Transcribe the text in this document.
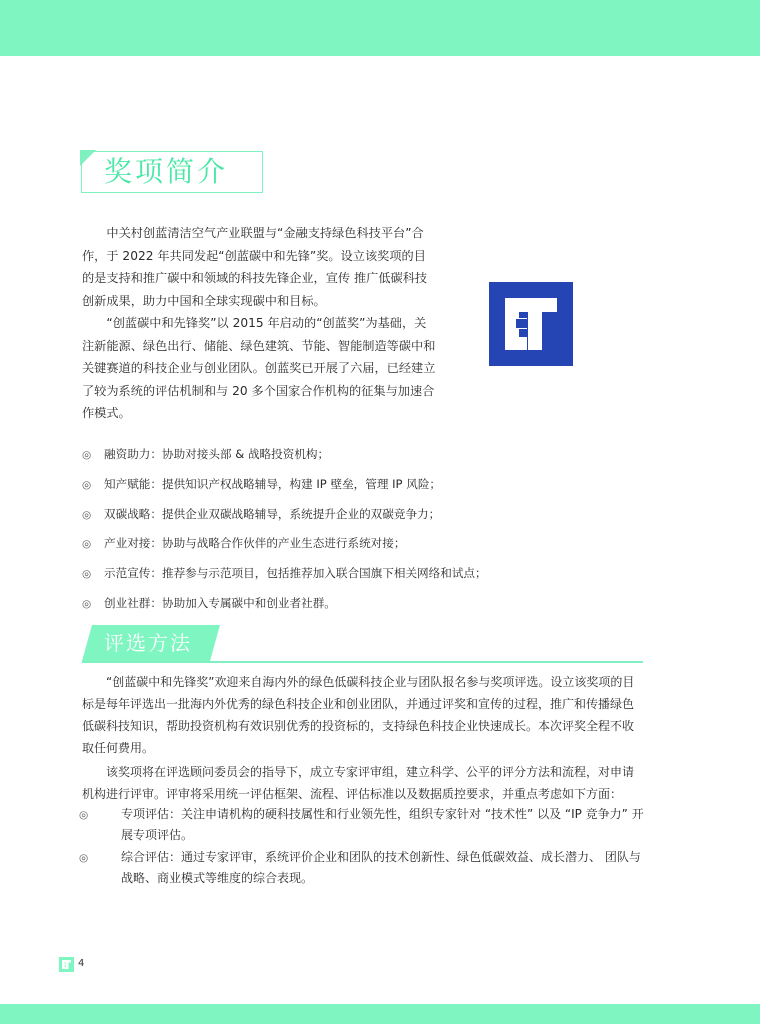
奖项简介

中关村创蓝清洁空气产业联盟与“金融支持绿色科技平台”合作，于 2022 年共同发起“创蓝碳中和先锋”奖。设立该奖项的目的是支持和推广碳中和领域的科技先锋企业，宣传 推广低碳科技创新成果，助力中国和全球实现碳中和目标。

“创蓝碳中和先锋奖”以 2015 年启动的“创蓝奖”为基础，关注新能源、绿色出行、储能、绿色建筑、节能、智能制造等碳中和关键赛道的科技企业与创业团队。创蓝奖已开展了六届，已经建立了较为系统的评估机制和与 20 多个国家合作机构的征集与加速合作模式。

◎ 融资助力：协助对接头部 & 战略投资机构；
◎ 知产赋能：提供知识产权战略辅导，构建 IP 壁垒，管理 IP 风险；
◎ 双碳战略：提供企业双碳战略辅导，系统提升企业的双碳竞争力；
◎ 产业对接：协助与战略合作伙伴的产业生态进行系统对接；
◎ 示范宣传：推荐参与示范项目，包括推荐加入联合国旗下相关网络和试点；
◎ 创业社群：协助加入专属碳中和创业者社群。
评选方法

“创蓝碳中和先锋奖”欢迎来自海内外的绿色低碳科技企业与团队报名参与奖项评选。设立该奖项的目标是每年评选出一批海内外优秀的绿色科技企业和创业团队，并通过评奖和宣传的过程，推广和传播绿色低碳科技知识，帮助投资机构有效识别优秀的投资标的，支持绿色科技企业快速成长。本次评奖全程不收取任何费用。

该奖项将在评选顾问委员会的指导下，成立专家评审组，建立科学、公平的评分方法和流程，对申请机构进行评审。评审将采用统一评估框架、流程、评估标准以及数据质控要求，并重点考虑如下方面：

◎	专项评估：关注申请机构的硬科技属性和行业领先性，组织专家针对 “技术性” 以及 “IP 竞争力” 开展专项评估。
◎	综合评估：通过专家评审，系统评价企业和团队的技术创新性、绿色低碳效益、成长潜力、 团队与战略、商业模式等维度的综合表现。
4
